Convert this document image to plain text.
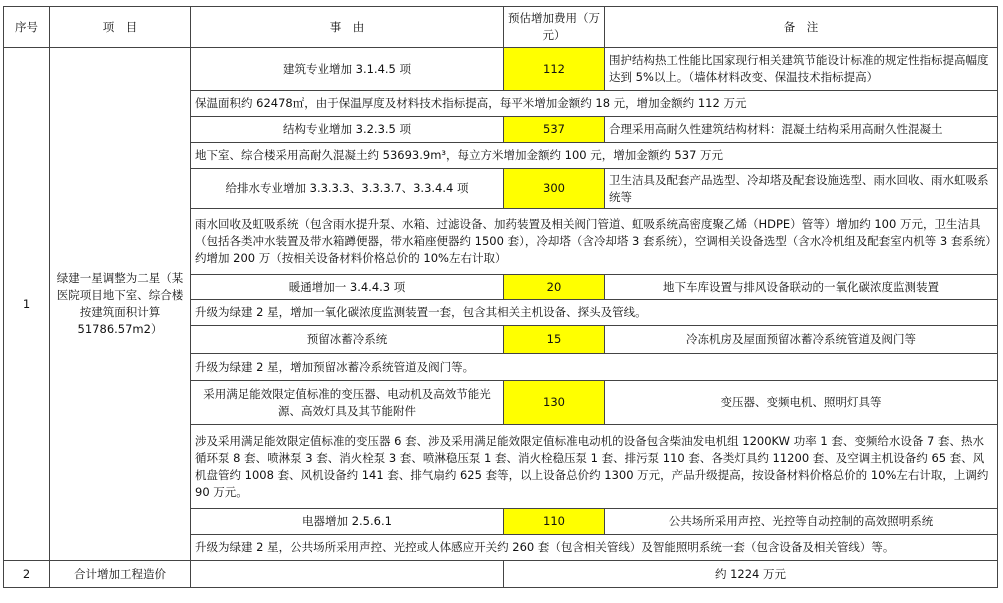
序号	项　目	事　由	预估增加费用（万元）	备　注
1	绿建一星调整为二星（某医院项目地下室、综合楼按建筑面积计算 51786.57m2）	建筑专业增加 3.1.4.5 项	112	围护结构热工性能比国家现行相关建筑节能设计标准的规定性指标提高幅度达到 5%以上。（墙体材料改变、保温技术指标提高）
		保温面积约 62478㎡，由于保温厚度及材料技术指标提高，每平米增加金额约 18 元，增加金额约 112 万元		
		结构专业增加 3.2.3.5 项	537	合理采用高耐久性建筑结构材料：混凝土结构采用高耐久性混凝土
		地下室、综合楼采用高耐久混凝土约 53693.9m³，每立方米增加金额约 100 元，增加金额约 537 万元		
		给排水专业增加 3.3.3.3、3.3.3.7、3.3.4.4 项	300	卫生洁具及配套产品选型、冷却塔及配套设施选型、雨水回收、雨水虹吸系统等
		雨水回收及虹吸系统（包含雨水提升泵、水箱、过滤设备、加药装置及相关阀门管道、虹吸系统高密度聚乙烯（HDPE）管等）增加约 100 万元，卫生洁具（包括各类冲水装置及带水箱蹲便器，带水箱座便器约 1500 套），冷却塔（含冷却塔 3 套系统），空调相关设备选型（含水冷机组及配套室内机等 3 套系统）约增加 200 万（按相关设备材料价格总价的 10%左右计取）		
		暖通增加一 3.4.4.3 项	20	地下车库设置与排风设备联动的一氧化碳浓度监测装置
		升级为绿建 2 星，增加一氧化碳浓度监测装置一套，包含其相关主机设备、探头及管线。		
		预留冰蓄冷系统	15	冷冻机房及屋面预留冰蓄冷系统管道及阀门等
		升级为绿建 2 星，增加预留冰蓄冷系统管道及阀门等。		
		采用满足能效限定值标准的变压器、电动机及高效节能光源、高效灯具及其节能附件	130	变压器、变频电机、照明灯具等
		涉及采用满足能效限定值标准的变压器 6 套、涉及采用满足能效限定值标准电动机的设备包含柴油发电机组 1200KW 功率 1 套、变频给水设备 7 套、热水循环泵 8 套、喷淋泵 3 套、消火栓泵 3 套、喷淋稳压泵 1 套、消火栓稳压泵 1 套、排污泵 110 套、各类灯具约 11200 套、及空调主机设备约 65 套、风机盘管约 1008 套、风机设备约 141 套、排气扇约 625 套等，以上设备总价约 1300 万元，产品升级提高，按设备材料价格总价的 10%左右计取，上调约 90 万元。		
		电器增加 2.5.6.1	110	公共场所采用声控、光控等自动控制的高效照明系统
		升级为绿建 2 星，公共场所采用声控、光控或人体感应开关约 260 套（包含相关管线）及智能照明系统一套（包含设备及相关管线）等。		
2	合计增加工程造价		约 1224 万元	
